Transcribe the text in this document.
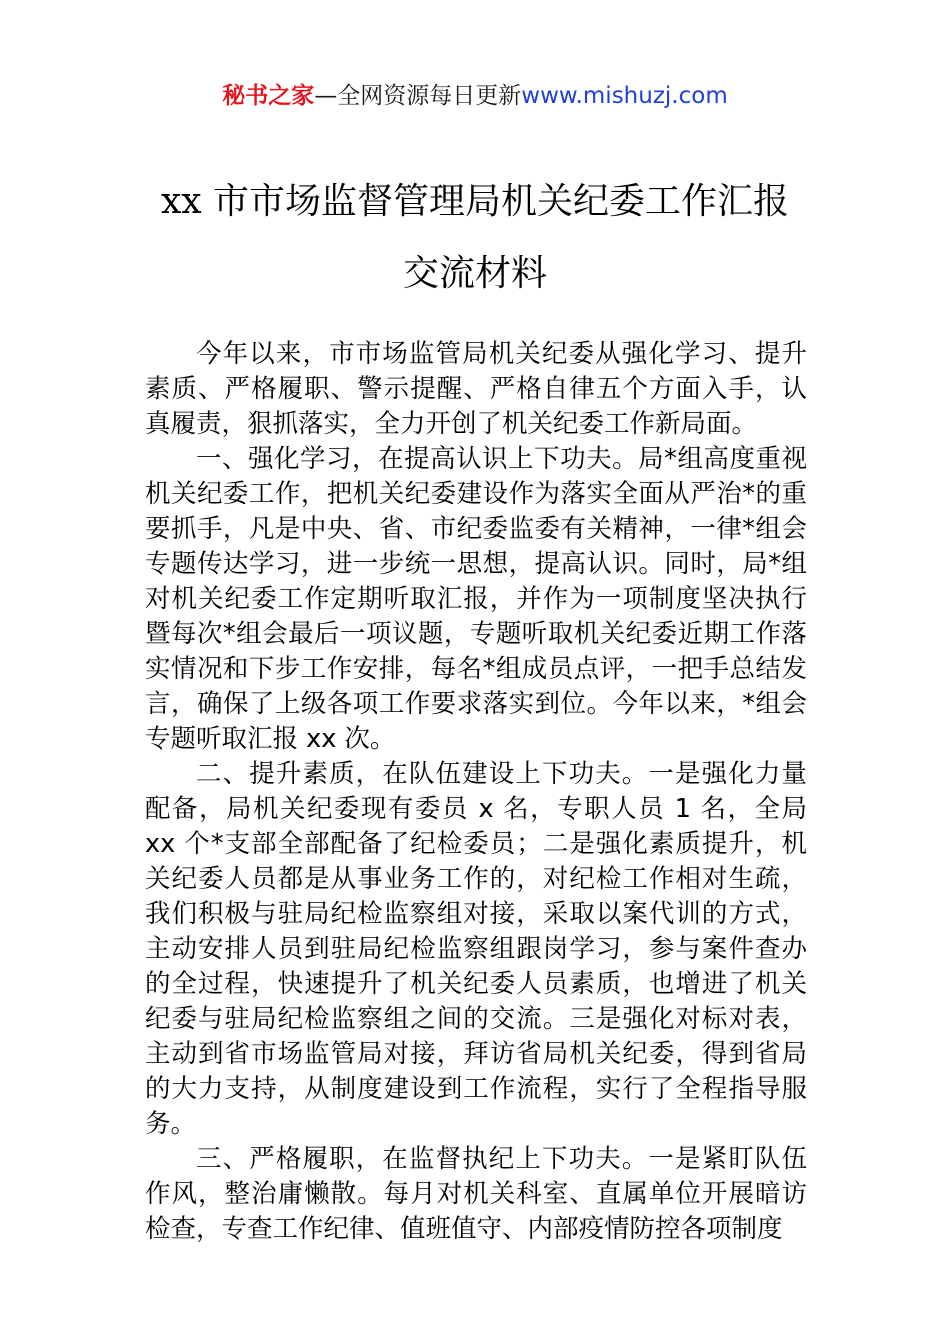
秘书之家—全网资源每日更新www.mishuzj.com
xx 市市场监督管理局机关纪委工作汇报
交流材料

今年以来，市市场监管局机关纪委从强化学习、提升素质、严格履职、警示提醒、严格自律五个方面入手，认真履责，狠抓落实，全力开创了机关纪委工作新局面。

一、强化学习，在提高认识上下功夫。局*组高度重视机关纪委工作，把机关纪委建设作为落实全面从严治*的重要抓手，凡是中央、省、市纪委监委有关精神，一律*组会专题传达学习，进一步统一思想，提高认识。同时，局*组对机关纪委工作定期听取汇报，并作为一项制度坚决执行暨每次*组会最后一项议题，专题听取机关纪委近期工作落实情况和下步工作安排，每名*组成员点评，一把手总结发言，确保了上级各项工作要求落实到位。今年以来，*组会专题听取汇报 xx 次。

二、提升素质，在队伍建设上下功夫。一是强化力量配备，局机关纪委现有委员 x 名，专职人员 1 名，全局 xx 个*支部全部配备了纪检委员；二是强化素质提升，机关纪委人员都是从事业务工作的，对纪检工作相对生疏，我们积极与驻局纪检监察组对接，采取以案代训的方式，主动安排人员到驻局纪检监察组跟岗学习，参与案件查办的全过程，快速提升了机关纪委人员素质，也增进了机关纪委与驻局纪检监察组之间的交流。三是强化对标对表，主动到省市场监管局对接，拜访省局机关纪委，得到省局的大力支持，从制度建设到工作流程，实行了全程指导服务。

三、严格履职，在监督执纪上下功夫。一是紧盯队伍作风，整治庸懒散。每月对机关科室、直属单位开展暗访检查，专查工作纪律、值班值守、内部疫情防控各项制度
